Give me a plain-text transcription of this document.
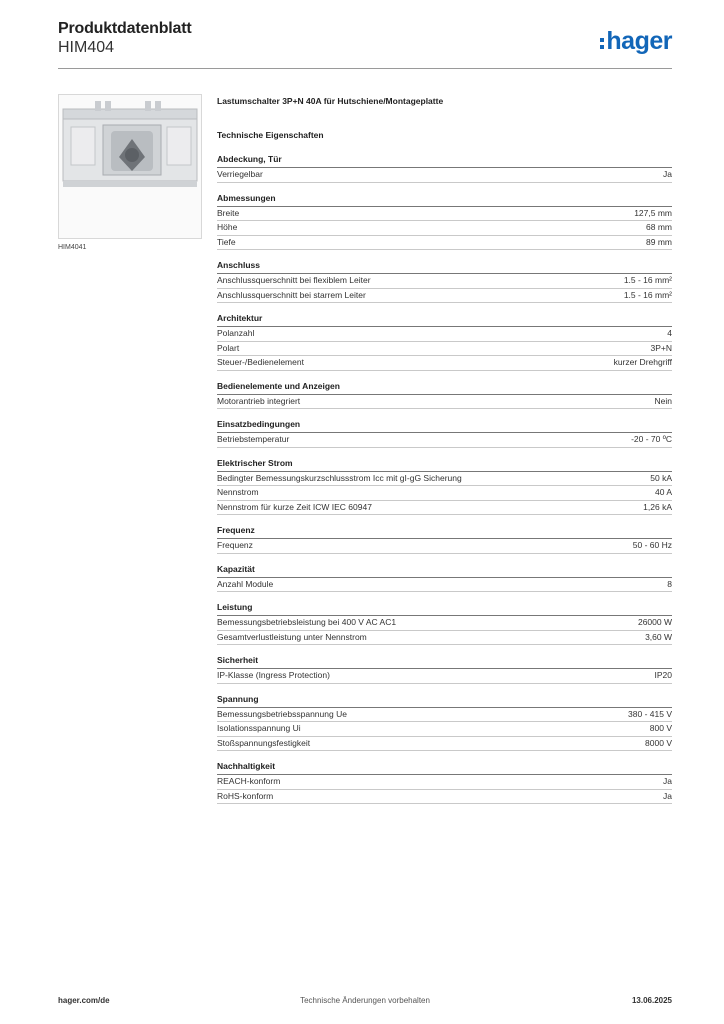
Produktdatenblatt
HIM404	hager
HIM4041
Lastumschalter 3P+N 40A für Hutschiene/Montageplatte
Technische Eigenschaften
Abdeckung, Tür
Verriegelbar	Ja
Abmessungen
Breite	127,5 mm
Höhe	68 mm
Tiefe	89 mm
Anschluss
Anschlussquerschnitt bei flexiblem Leiter	1.5 - 16 mm²
Anschlussquerschnitt bei starrem Leiter	1.5 - 16 mm²
Architektur
Polanzahl	4
Polart	3P+N
Steuer-/Bedienelement	kurzer Drehgriff
Bedienelemente und Anzeigen
Motorantrieb integriert	Nein
Einsatzbedingungen
Betriebstemperatur	-20 - 70 ºC
Elektrischer Strom
Bedingter Bemessungskurzschlussstrom Icc mit gI-gG Sicherung	50 kA
Nennstrom	40 A
Nennstrom für kurze Zeit ICW IEC 60947	1,26 kA
Frequenz
Frequenz	50 - 60 Hz
Kapazität
Anzahl Module	8
Leistung
Bemessungsbetriebsleistung bei 400 V AC AC1	26000 W
Gesamtverlustleistung unter Nennstrom	3,60 W
Sicherheit
IP-Klasse (Ingress Protection)	IP20
Spannung
Bemessungsbetriebsspannung Ue	380 - 415 V
Isolationsspannung Ui	800 V
Stoßspannungsfestigkeit	8000 V
Nachhaltigkeit
REACH-konform	Ja
RoHS-konform	Ja
hager.com/de	Technische Änderungen vorbehalten	13.06.2025
